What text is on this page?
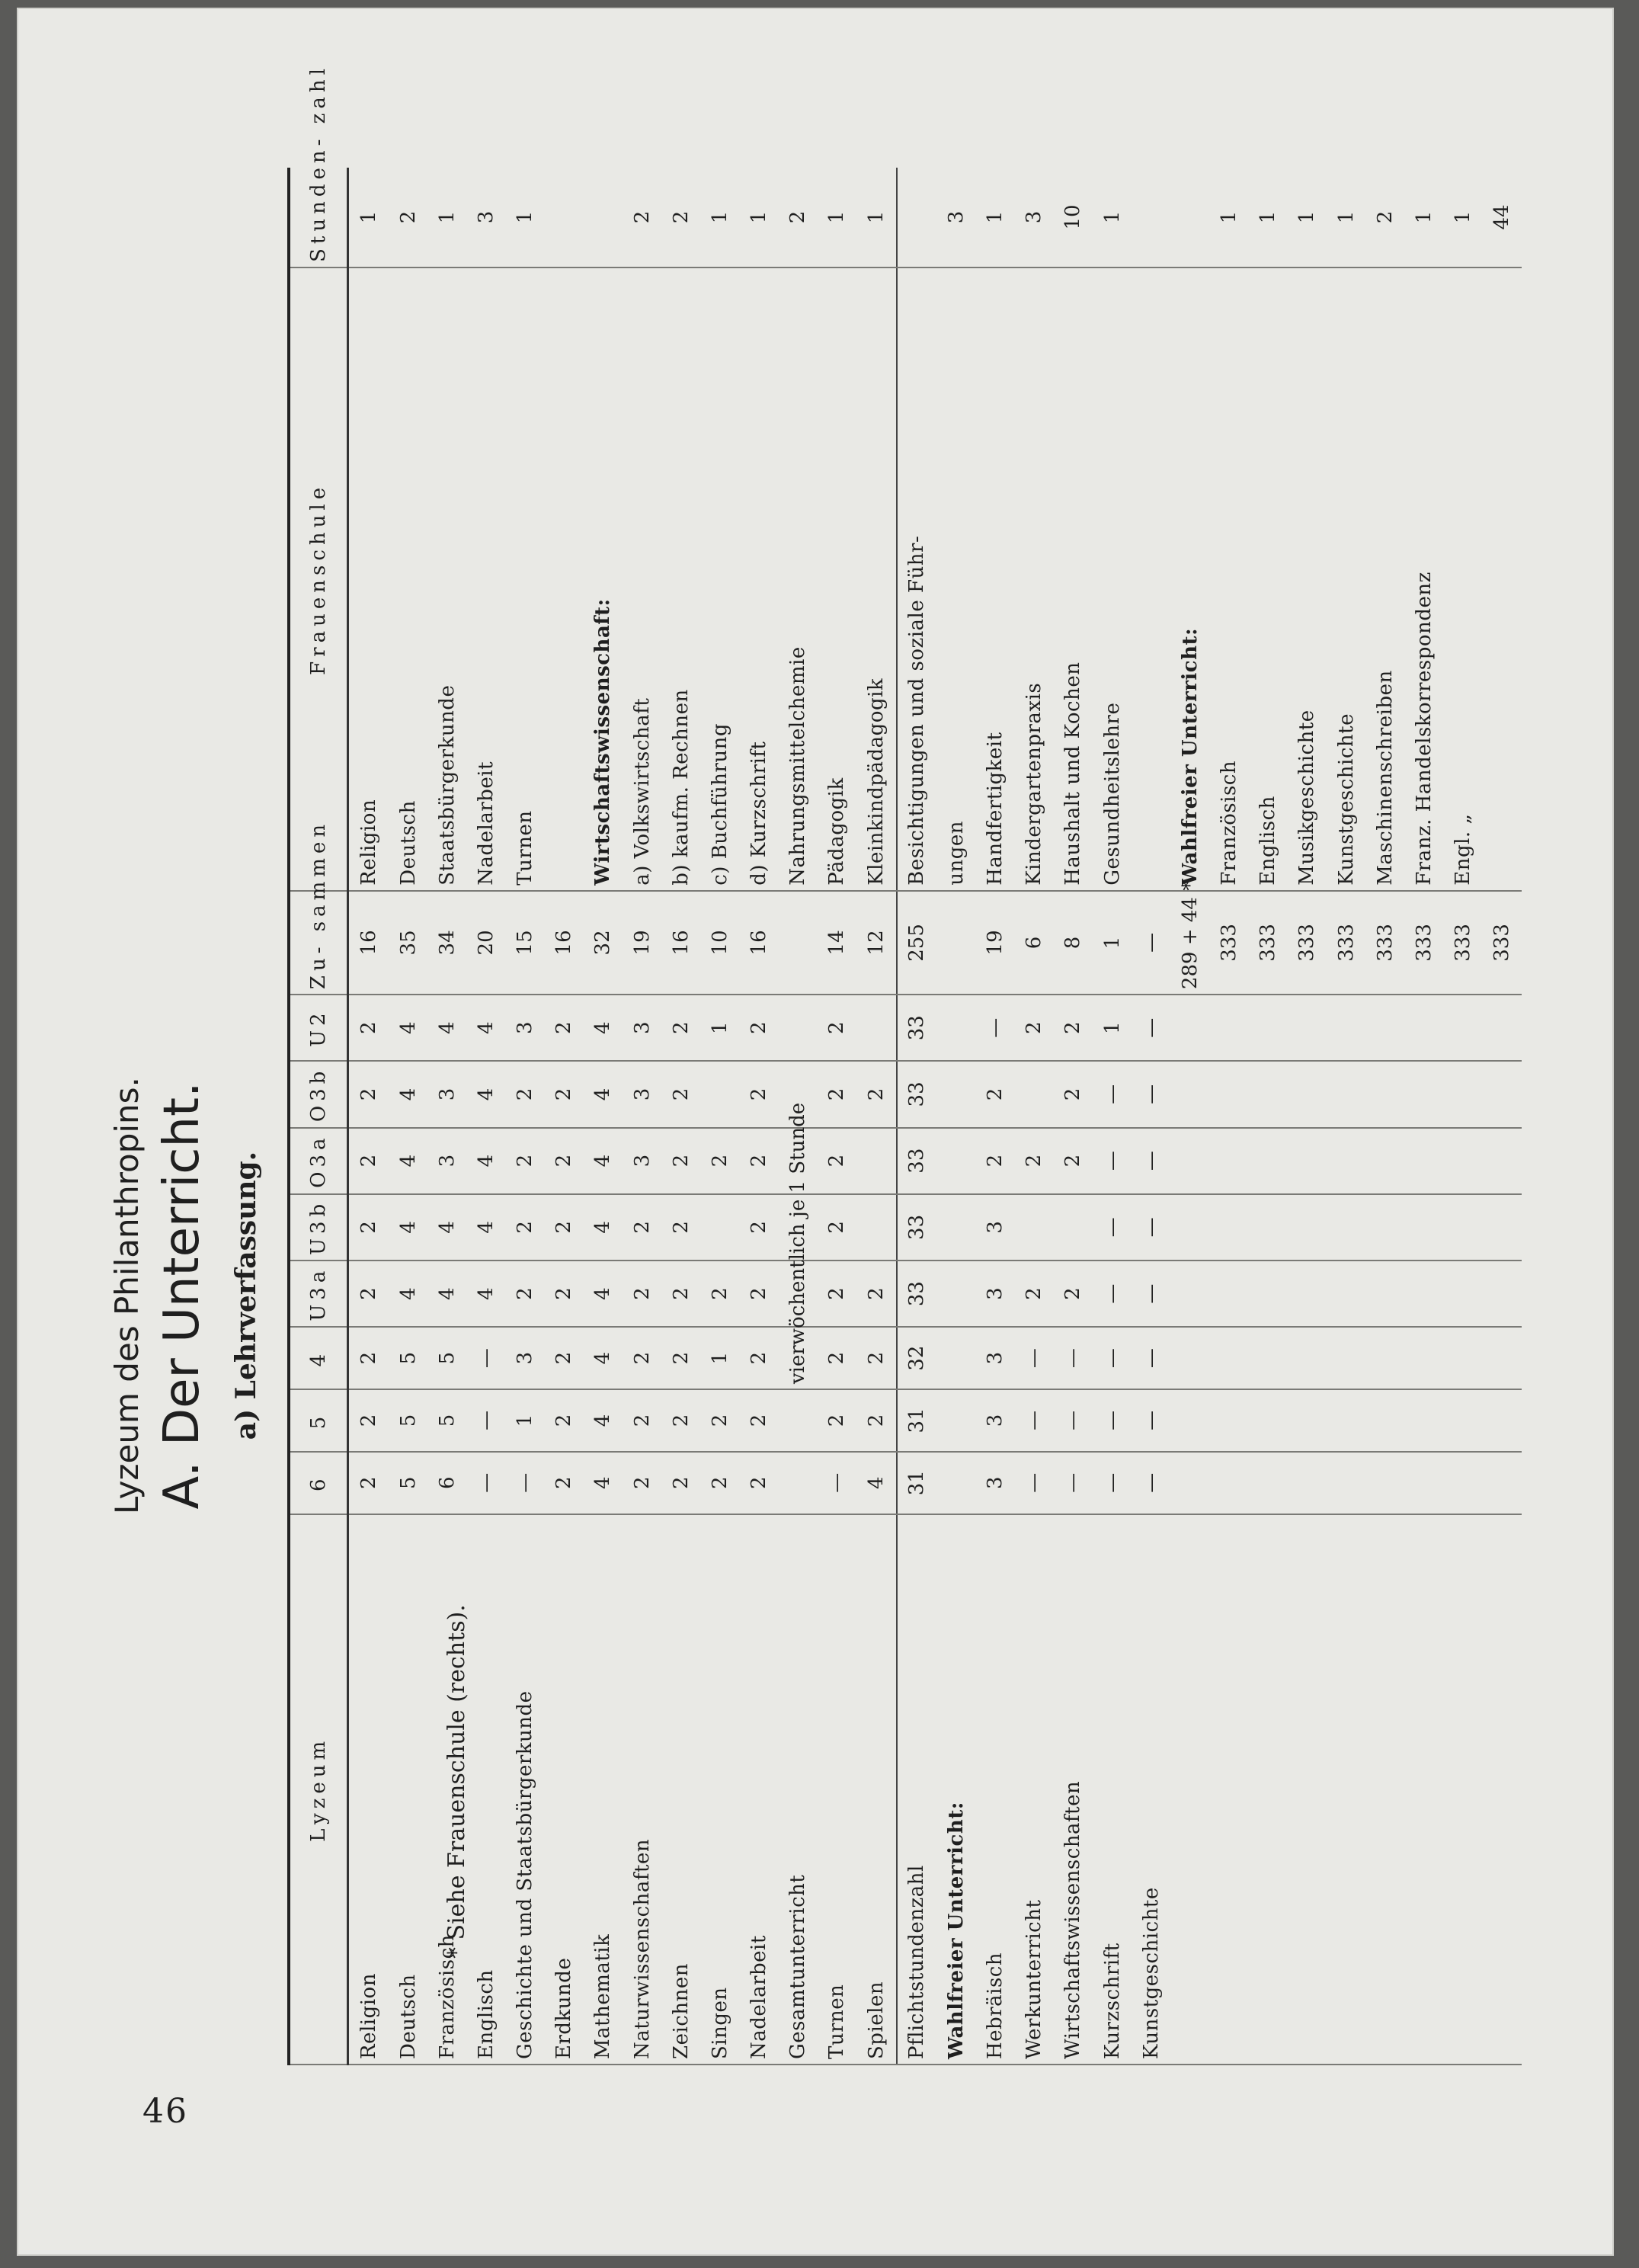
46
Lyzeum des Philanthropins. A. Der Unterricht. a) Lehrverfassung.
Lyzeum	6	5	4	U3a	U3b	O3a	O3b	U2	Zu- sammen	Frauenschule	Stunden- zahl
Religion	2	2	2	2	2	2	2	2	16	Religion	1
Deutsch	5	5	5	4	4	4	4	4	35	Deutsch	2
Französisch	6	5	5	4	4	3	3	4	34	Staatsbürgerkunde	1
Englisch	—	—	—	4	4	4	4	4	20	Nadelarbeit	3
Geschichte und Staatsbürgerkunde	—	1	3	2	2	2	2	3	15	Turnen	1
Erdkunde	2	2	2	2	2	2	2	2	16		
Mathematik	4	4	4	4	4	4	4	4	32	Wirtschaftswissenschaft:	
Naturwissenschaften	2	2	2	2	2	3	3	3	19	a) Volkswirtschaft	2
Zeichnen	2	2	2	2	2	2	2	2	16	b) kaufm. Rechnen	2
Singen	2	2	1	2		2		1	10	c) Buchführung	1
Nadelarbeit	2	2	2	2	2	2	2	2	16	d) Kurzschrift	1
Gesamtunterricht			vierwöchentlich je 1 Stunde							Nahrungsmittelchemie	2
Turnen	—	2	2	2	2	2	2	2	14	Pädagogik	1
Spielen	4	2	2	2			2		12	Kleinkindpädagogik	1
Pflichtstundenzahl	31	31	32	33	33	33	33	33	255	Besichtigungen und soziale Führ-	
Wahlfreier Unterricht:										ungen	3
Hebräisch	3	3	3	3	3	2	2	—	19	Handfertigkeit	1
Werkunterricht	—	—	—	2		2		2	6	Kindergartenpraxis	3
Wirtschaftswissenschaften	—	—	—	2		2	2	2	8	Haushalt und Kochen	10
Kurzschrift	—	—	—	—	—	—	—	1	1	Gesundheitslehre	1
Kunstgeschichte	—	—	—	—	—	—	—	—	—		
									289 + 44 *	Wahlfreier Unterricht:	
									333	Französisch	1
									333	Englisch	1
									333	Musikgeschichte	1
									333	Kunstgeschichte	1
									333	Maschinenschreiben	2
									333	Franz. Handelskorrespondenz	1
									333	Engl. „	1
									333		44
* Siehe Frauenschule (rechts).
